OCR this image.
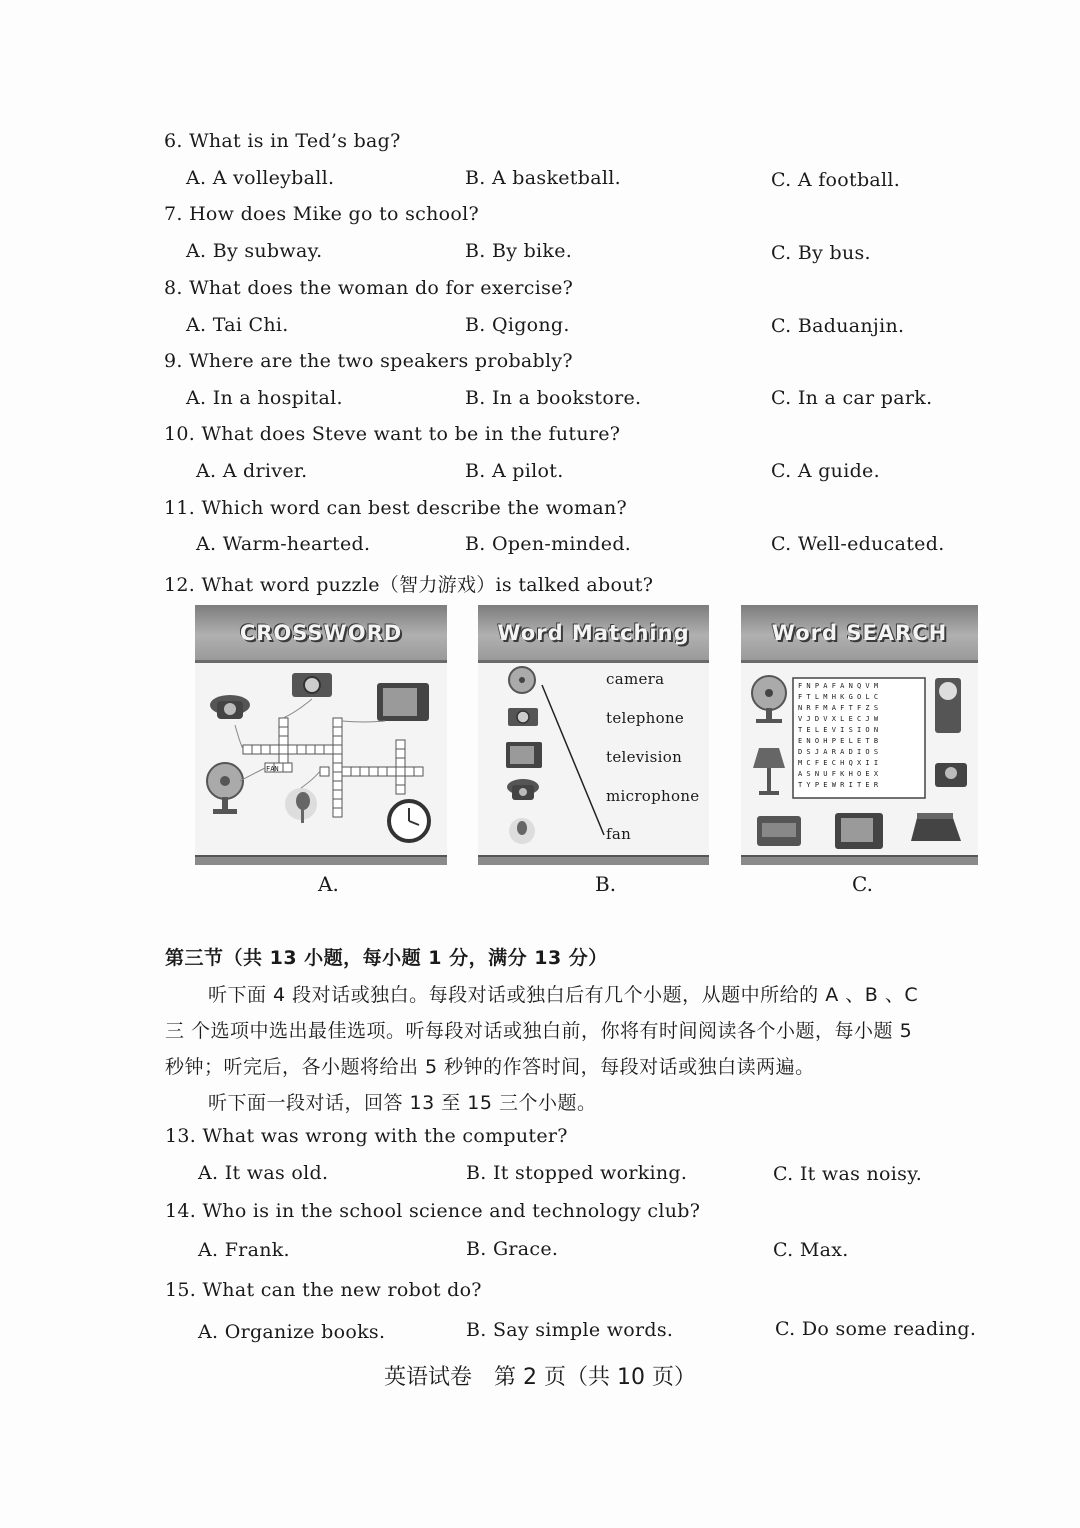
6. What is in Ted’s bag?
A. A volleyball.	B. A basketball.	C. A football.
7. How does Mike go to school?
A. By subway.	B. By bike.	C. By bus.
8. What does the woman do for exercise?
A. Tai Chi.	B. Qigong.	C. Baduanjin.
9. Where are the two speakers probably?
A. In a hospital.	B. In a bookstore.	C. In a car park.
10. What does Steve want to be in the future?
A. A driver.	B. A pilot.	C. A guide.
11. Which word can best describe the woman?
A. Warm-hearted.	B. Open-minded.	C. Well-educated.
12. What word puzzle（智力游戏）is talked about?
CROSSWORD
FAN
A.
Word Matching
camera
telephone
television
microphone
fan
B.
Word SEARCH
F N P A F A N Q V M
F T L M H K G O L C
N R F M A F T F Z S
V J D V X L E C J W
T E L E V I S I O N
E N O H P E L E T B
D S J A R A D I O S
M C F E C H Q X I I
A S N U F K H O E X
T Y P E W R I T E R
C.
第三节（共 13 小题，每小题 1 分，满分 13 分）
听下面 4 段对话或独白。每段对话或独白后有几个小题，从题中所给的 A 、B 、C
三 个选项中选出最佳选项。听每段对话或独白前，你将有时间阅读各个小题，每小题 5
秒钟；听完后，各小题将给出 5 秒钟的作答时间，每段对话或独白读两遍。
听下面一段对话，回答 13 至 15 三个小题。
13. What was wrong with the computer?
A. It was old.	B. It stopped working.	C. It was noisy.
14. Who is in the school science and technology club?
A. Frank.	B. Grace.	C. Max.
15. What can the new robot do?
A. Organize books.	B. Say simple words.	C. Do some reading.
英语试卷　第 2 页（共 10 页）
